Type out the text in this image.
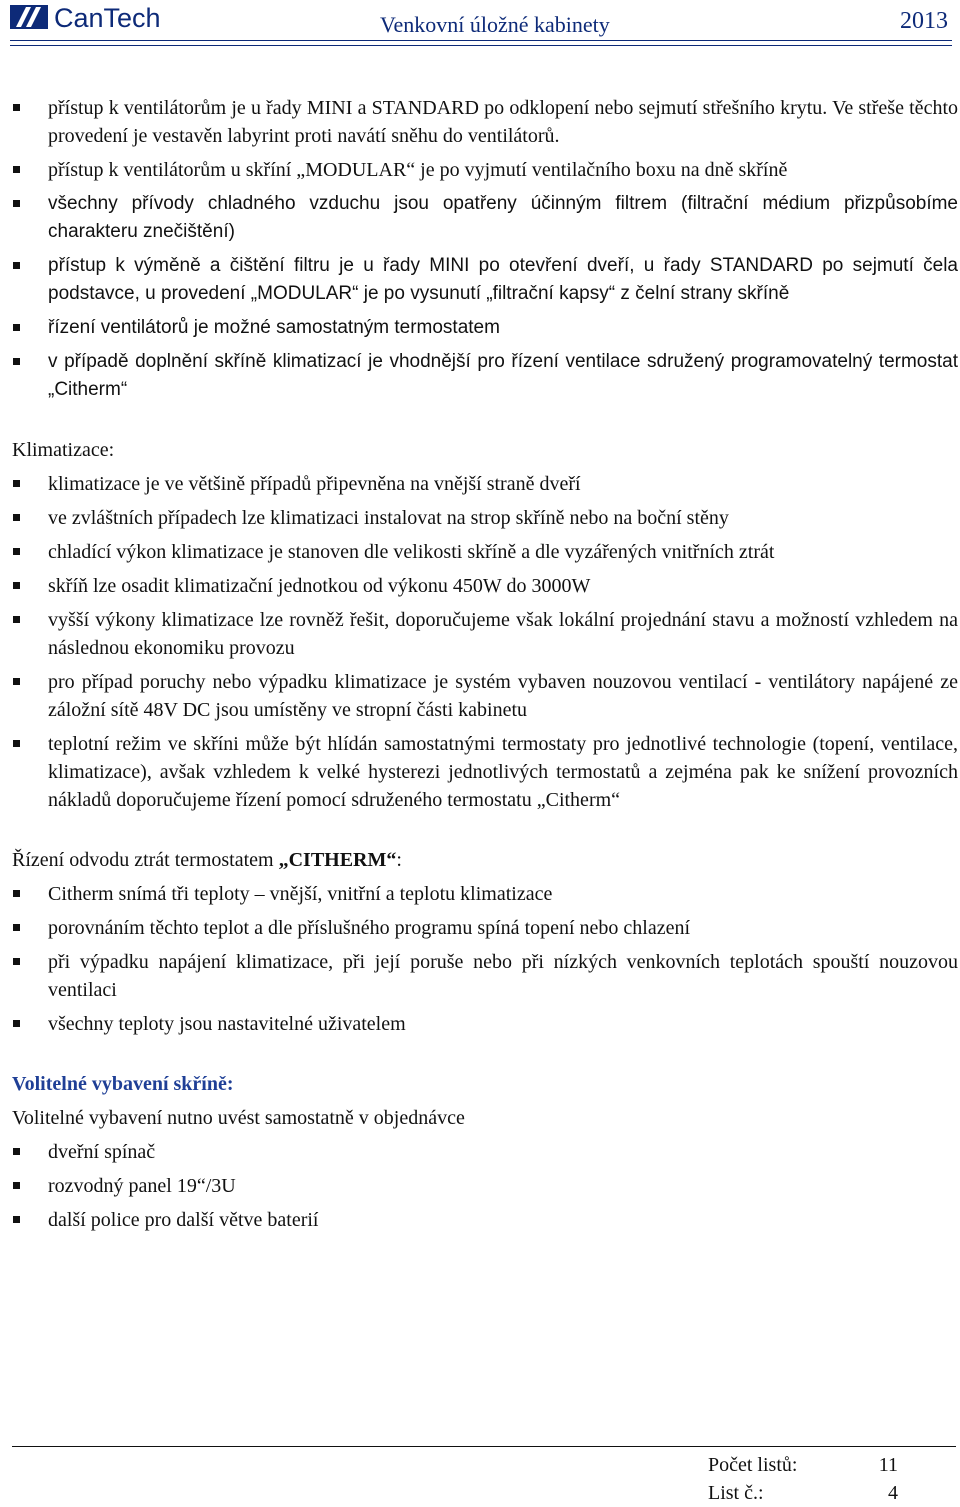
CanTech	Venkovní úložné kabinety	2013
přístup k ventilátorům je u řady MINI a STANDARD po odklopení nebo sejmutí střešního krytu. Ve střeše těchto provedení je vestavěn labyrint proti navátí sněhu do ventilátorů.
přístup k ventilátorům u skříní „MODULAR“ je po vyjmutí ventilačního boxu na dně skříně
všechny přívody chladného vzduchu jsou opatřeny účinným filtrem (filtrační médium přizpůsobíme charakteru znečištění)
přístup k výměně a čištění filtru je u řady MINI po otevření dveří, u řady STANDARD po sejmutí čela podstavce, u provedení „MODULAR“ je po vysunutí „filtrační kapsy“ z čelní strany skříně
řízení ventilátorů je možné samostatným termostatem
v případě doplnění skříně klimatizací je vhodnější pro řízení ventilace sdružený programovatelný termostat „Citherm“

Klimatizace:

klimatizace je ve většině případů připevněna na vnější straně dveří
ve zvláštních případech lze klimatizaci instalovat na strop skříně nebo na boční stěny
chladící výkon klimatizace je stanoven dle velikosti skříně a dle vyzářených vnitřních ztrát
skříň lze osadit klimatizační jednotkou od výkonu 450W do 3000W
vyšší výkony klimatizace lze rovněž řešit, doporučujeme však lokální projednání stavu a možností vzhledem na následnou ekonomiku provozu
pro případ poruchy nebo výpadku klimatizace je systém vybaven nouzovou ventilací - ventilátory napájené ze záložní sítě 48V DC jsou umístěny ve stropní části kabinetu
teplotní režim ve skříni může být hlídán samostatnými termostaty pro jednotlivé technologie (topení, ventilace, klimatizace), avšak vzhledem k velké hysterezi jednotlivých termostatů a zejména pak ke snížení provozních nákladů doporučujeme řízení pomocí sdruženého termostatu „Citherm“

Řízení odvodu ztrát termostatem „CITHERM“:

Citherm snímá tři teploty – vnější, vnitřní a teplotu klimatizace
porovnáním těchto teplot a dle příslušného programu spíná topení nebo chlazení
při výpadku napájení klimatizace, při její poruše nebo při nízkých venkovních teplotách spouští nouzovou ventilaci
všechny teploty jsou nastavitelné uživatelem

Volitelné vybavení skříně:

Volitelné vybavení nutno uvést samostatně v objednávce

dveřní spínač
rozvodný panel 19“/3U
další police pro další větve baterií
Počet listů:	11
List č.:	4
